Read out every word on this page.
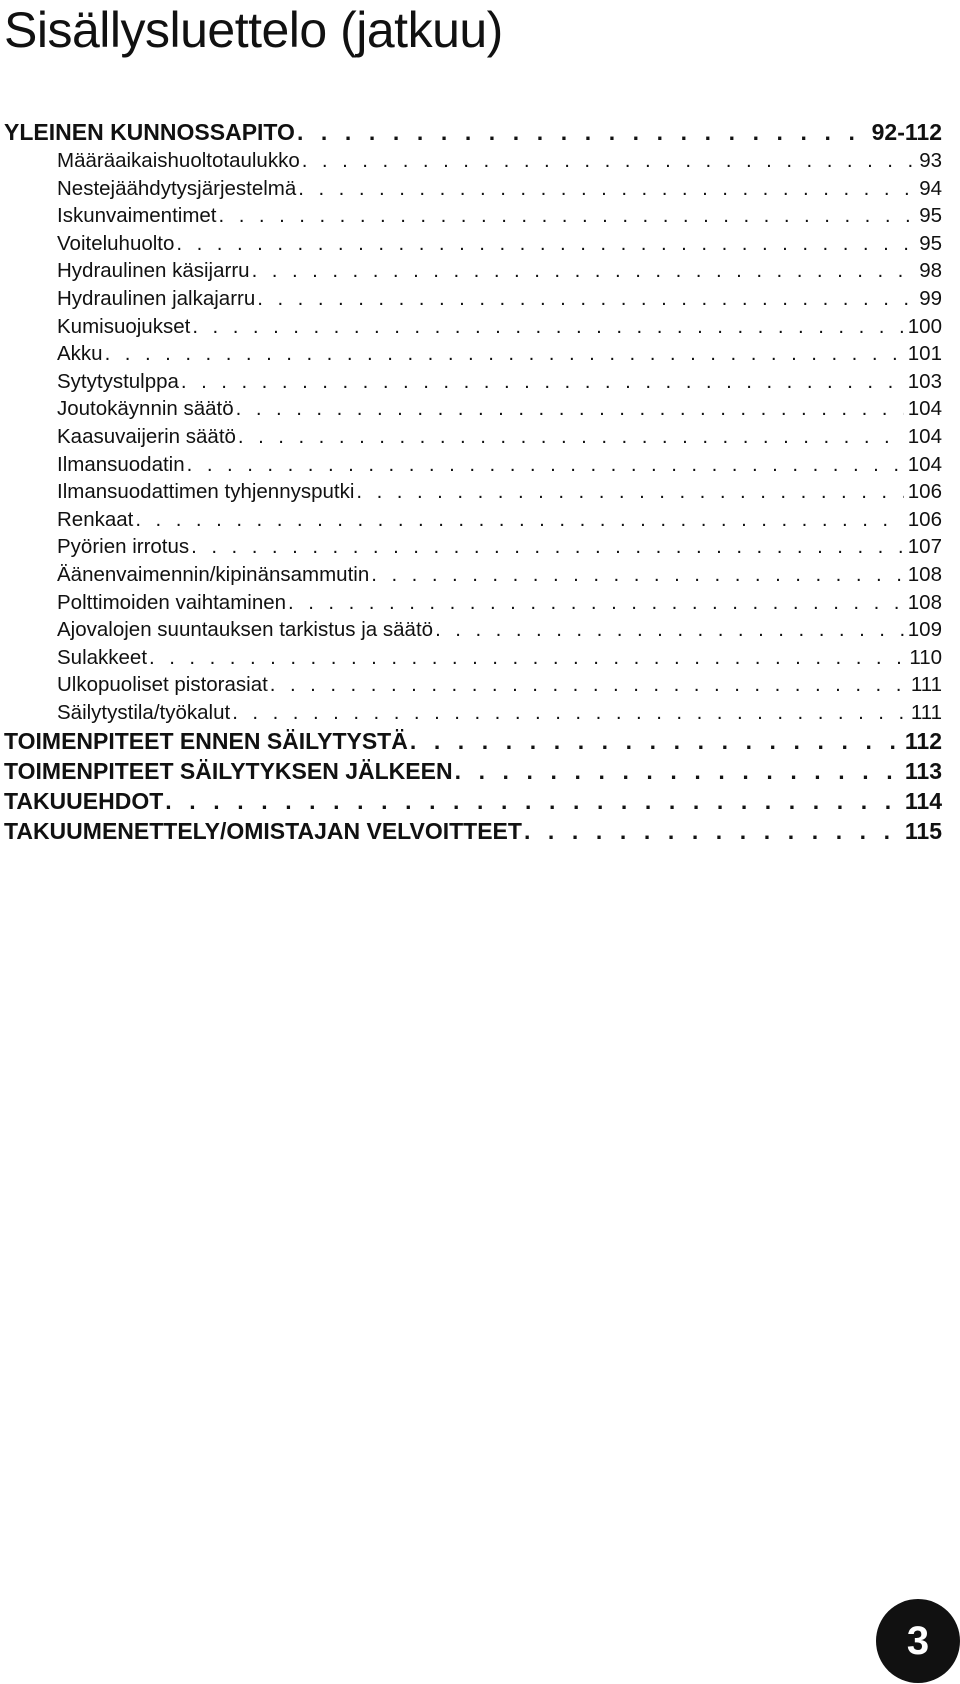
Sisällysluettelo (jatkuu)
YLEINEN KUNNOSSAPITO . . .	92-112
Määräaikaishuoltotaulukko . . .	93
Nestejäähdytysjärjestelmä . . .	94
Iskunvaimentimet . . .	95
Voiteluhuolto . . .	95
Hydraulinen käsijarru . . .	98
Hydraulinen jalkajarru . . .	99
Kumisuojukset . . .	100
Akku . . .	101
Sytytystulppa . . .	103
Joutokäynnin säätö . . .	104
Kaasuvaijerin säätö . . .	104
Ilmansuodatin . . .	104
Ilmansuodattimen tyhjennysputki . . .	106
Renkaat . . .	106
Pyörien irrotus . . .	107
Äänenvaimennin/kipinänsammutin . . .	108
Polttimoiden vaihtaminen . . .	108
Ajovalojen suuntauksen tarkistus ja säätö . . .	109
Sulakkeet . . .	110
Ulkopuoliset pistorasiat . . .	111
Säilytystila/työkalut . . .	111
TOIMENPITEET ENNEN SÄILYTYSTÄ . . .	112
TOIMENPITEET SÄILYTYKSEN JÄLKEEN . . .	113
TAKUUEHDOT . . .	114
TAKUUMENETTELY/OMISTAJAN VELVOITTEET . . .	115
3
